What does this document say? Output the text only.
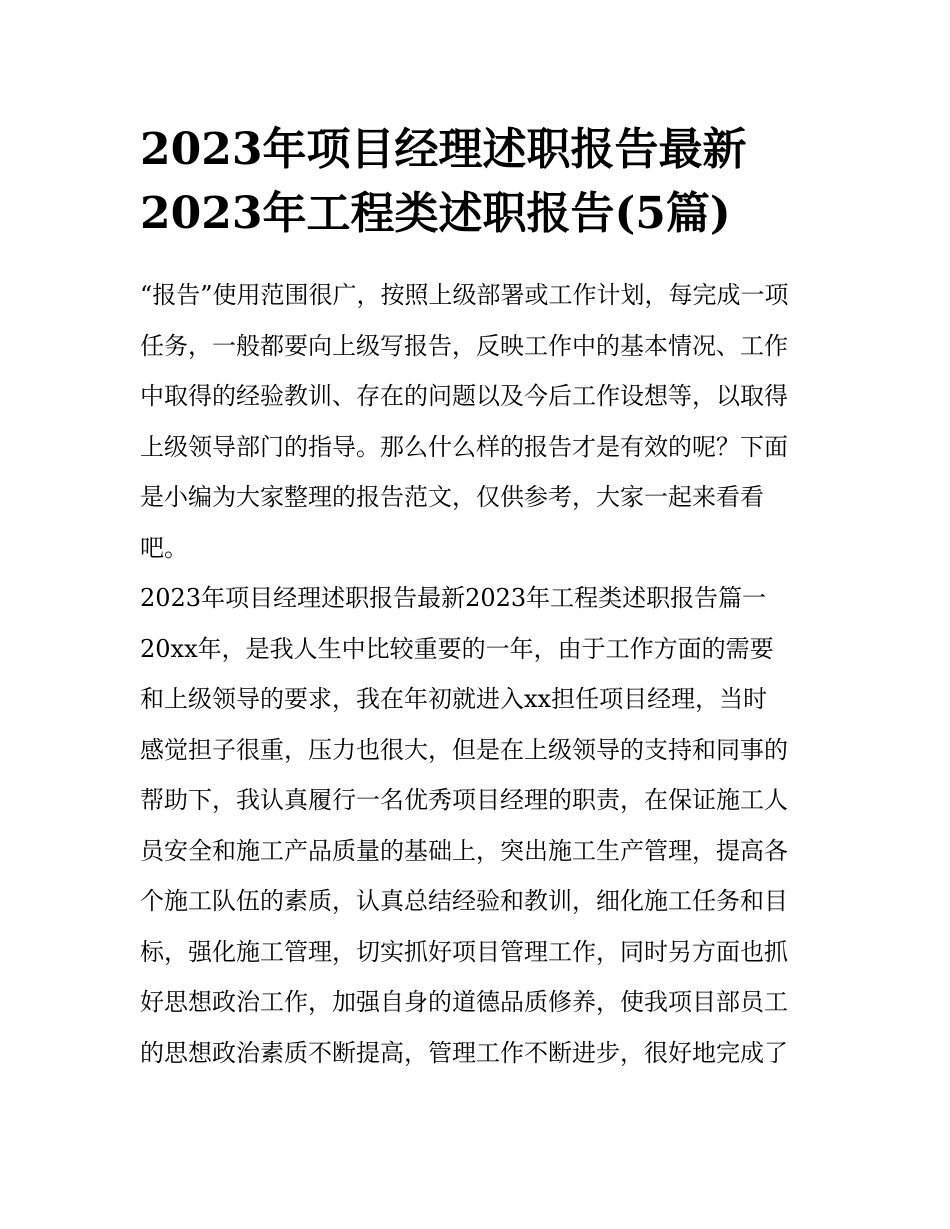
2023年项目经理述职报告最新
2023年工程类述职报告(5篇)

“报告”使用范围很广，按照上级部署或工作计划，每完成一项
任务，一般都要向上级写报告，反映工作中的基本情况、工作
中取得的经验教训、存在的问题以及今后工作设想等，以取得
上级领导部门的指导。那么什么样的报告才是有效的呢？下面
是小编为大家整理的报告范文，仅供参考，大家一起来看看
吧。

2023年项目经理述职报告最新2023年工程类述职报告篇一

20xx年，是我人生中比较重要的一年，由于工作方面的需要
和上级领导的要求，我在年初就进入xx担任项目经理，当时
感觉担子很重，压力也很大，但是在上级领导的支持和同事的
帮助下，我认真履行一名优秀项目经理的职责，在保证施工人
员安全和施工产品质量的基础上，突出施工生产管理，提高各
个施工队伍的素质，认真总结经验和教训，细化施工任务和目
标，强化施工管理，切实抓好项目管理工作，同时另方面也抓
好思想政治工作，加强自身的道德品质修养，使我项目部员工
的思想政治素质不断提高，管理工作不断进步，很好地完成了
